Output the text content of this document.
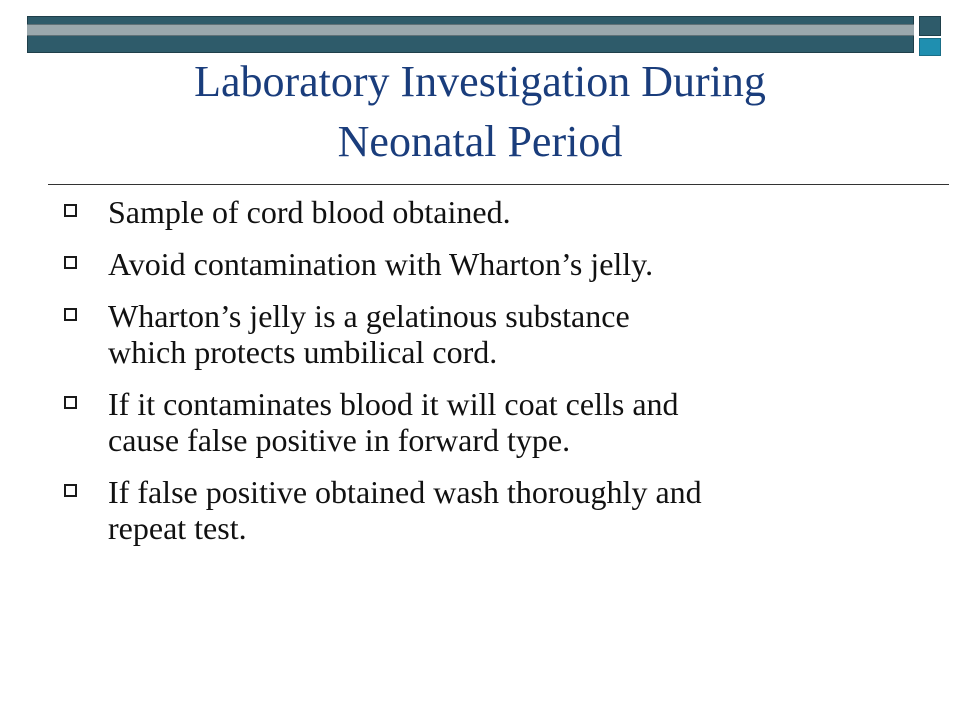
Laboratory Investigation During
Neonatal Period
Sample of cord blood obtained.
Avoid contamination with Wharton’s jelly.
Wharton’s jelly is a gelatinous substance
which protects umbilical cord.
If it contaminates blood it will coat cells and
cause false positive in forward type.
If false positive obtained wash thoroughly and
repeat test.
